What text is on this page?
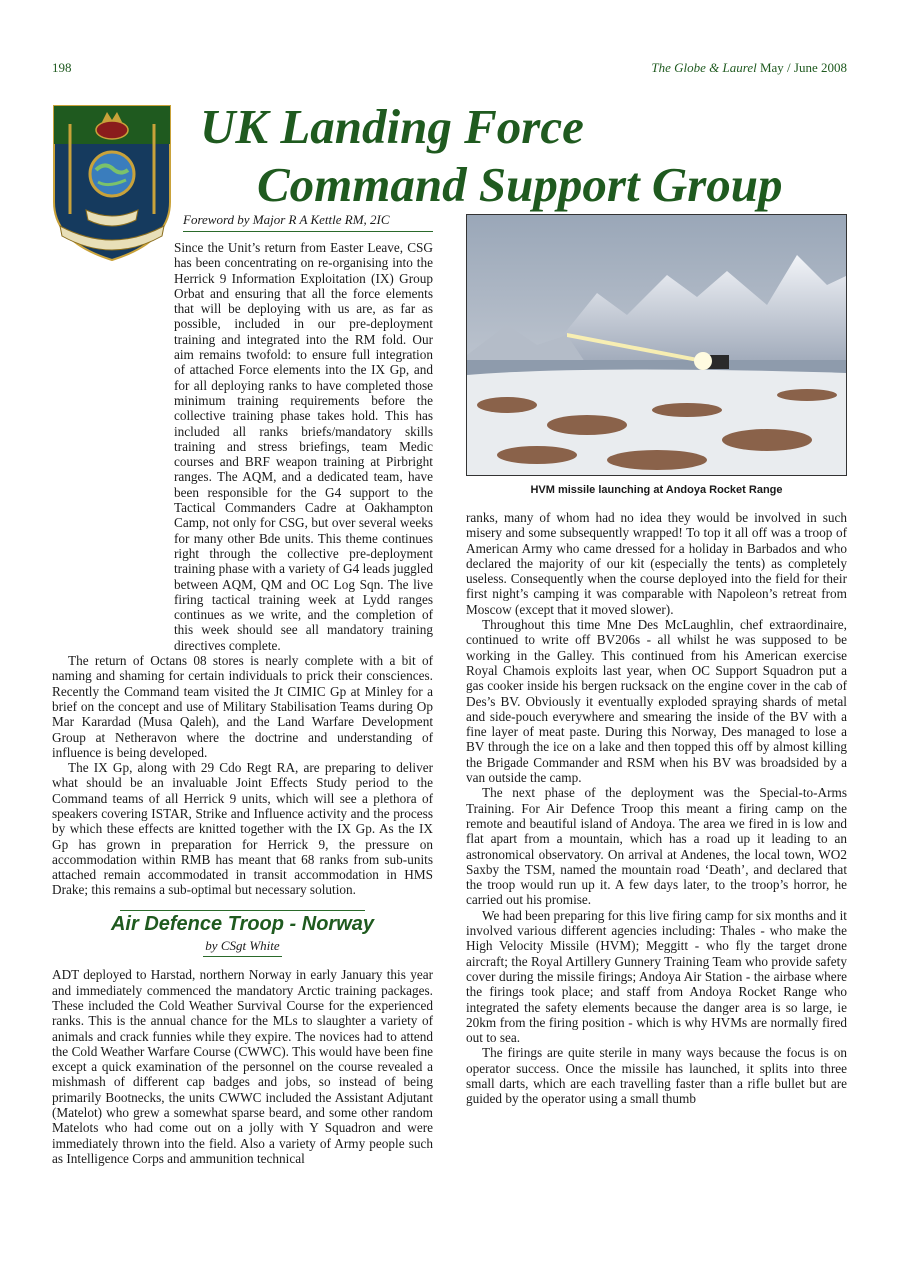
198	The Globe & Laurel May / June 2008
UK Landing Force
Command Support Group
Foreword by Major R A Kettle RM, 2IC
HVM missile launching at Andoya Rocket Range

Since the Unit’s return from Easter Leave, CSG has been concentrating on re-organising into the Herrick 9 Information Exploitation (IX) Group Orbat and ensuring that all the force elements that will be deploying with us are, as far as possible, included in our pre-deployment training and integrated into the RM fold. Our aim remains twofold: to ensure full integration of attached Force elements into the IX Gp, and for all deploying ranks to have completed those minimum training requirements before the collective training phase takes hold. This has included all ranks briefs/mandatory skills training and stress briefings, team Medic courses and BRF weapon training at Pirbright ranges. The AQM, and a dedicated team, have been responsible for the G4 support to the Tactical Commanders Cadre at Oakhampton Camp, not only for CSG, but over several weeks for many other Bde units. This theme continues right through the collective pre-deployment training phase with a variety of G4 leads juggled between AQM, QM and OC Log Sqn. The live firing tactical training week at Lydd ranges continues as we write, and the completion of this week should see all mandatory training directives complete.

The return of Octans 08 stores is nearly complete with a bit of naming and shaming for certain individuals to prick their consciences. Recently the Command team visited the Jt CIMIC Gp at Minley for a brief on the concept and use of Military Stabilisation Teams during Op Mar Karardad (Musa Qaleh), and the Land Warfare Development Group at Netheravon where the doctrine and understanding of influence is being developed.

The IX Gp, along with 29 Cdo Regt RA, are preparing to deliver what should be an invaluable Joint Effects Study period to the Command teams of all Herrick 9 units, which will see a plethora of speakers covering ISTAR, Strike and Influence activity and the process by which these effects are knitted together with the IX Gp. As the IX Gp has grown in preparation for Herrick 9, the pressure on accommodation within RMB has meant that 68 ranks from sub-units attached remain accommodated in transit accommodation in HMS Drake; this remains a sub-optimal but necessary solution.

Air Defence Troop - Norway
by CSgt White

ADT deployed to Harstad, northern Norway in early January this year and immediately commenced the mandatory Arctic training packages. These included the Cold Weather Survival Course for the experienced ranks. This is the annual chance for the MLs to slaughter a variety of animals and crack funnies while they expire. The novices had to attend the Cold Weather Warfare Course (CWWC). This would have been fine except a quick examination of the personnel on the course revealed a mishmash of different cap badges and jobs, so instead of being primarily Bootnecks, the units CWWC included the Assistant Adjutant (Matelot) who grew a somewhat sparse beard, and some other random Matelots who had come out on a jolly with Y Squadron and were immediately thrown into the field. Also a variety of Army people such as Intelligence Corps and ammunition technical

ranks, many of whom had no idea they would be involved in such misery and some subsequently wrapped! To top it all off was a troop of American Army who came dressed for a holiday in Barbados and who declared the majority of our kit (especially the tents) as completely useless. Consequently when the course deployed into the field for their first night’s camping it was comparable with Napoleon’s retreat from Moscow (except that it moved slower).

Throughout this time Mne Des McLaughlin, chef extraordinaire, continued to write off BV206s - all whilst he was supposed to be working in the Galley. This continued from his American exercise Royal Chamois exploits last year, when OC Support Squadron put a gas cooker inside his bergen rucksack on the engine cover in the cab of Des’s BV. Obviously it eventually exploded spraying shards of metal and side-pouch everywhere and smearing the inside of the BV with a fine layer of meat paste. During this Norway, Des managed to lose a BV through the ice on a lake and then topped this off by almost killing the Brigade Commander and RSM when his BV was broadsided by a van outside the camp.

The next phase of the deployment was the Special-to-Arms Training. For Air Defence Troop this meant a firing camp on the remote and beautiful island of Andoya. The area we fired in is low and flat apart from a mountain, which has a road up it leading to an astronomical observatory. On arrival at Andenes, the local town, WO2 Saxby the TSM, named the mountain road ‘Death’, and declared that the troop would run up it. A few days later, to the troop’s horror, he carried out his promise.

We had been preparing for this live firing camp for six months and it involved various different agencies including: Thales - who make the High Velocity Missile (HVM); Meggitt - who fly the target drone aircraft; the Royal Artillery Gunnery Training Team who provide safety cover during the missile firings; Andoya Air Station - the airbase where the firings took place; and staff from Andoya Rocket Range who integrated the safety elements because the danger area is so large, ie 20km from the firing position - which is why HVMs are normally fired out to sea.

The firings are quite sterile in many ways because the focus is on operator success. Once the missile has launched, it splits into three small darts, which are each travelling faster than a rifle bullet but are guided by the operator using a small thumb
